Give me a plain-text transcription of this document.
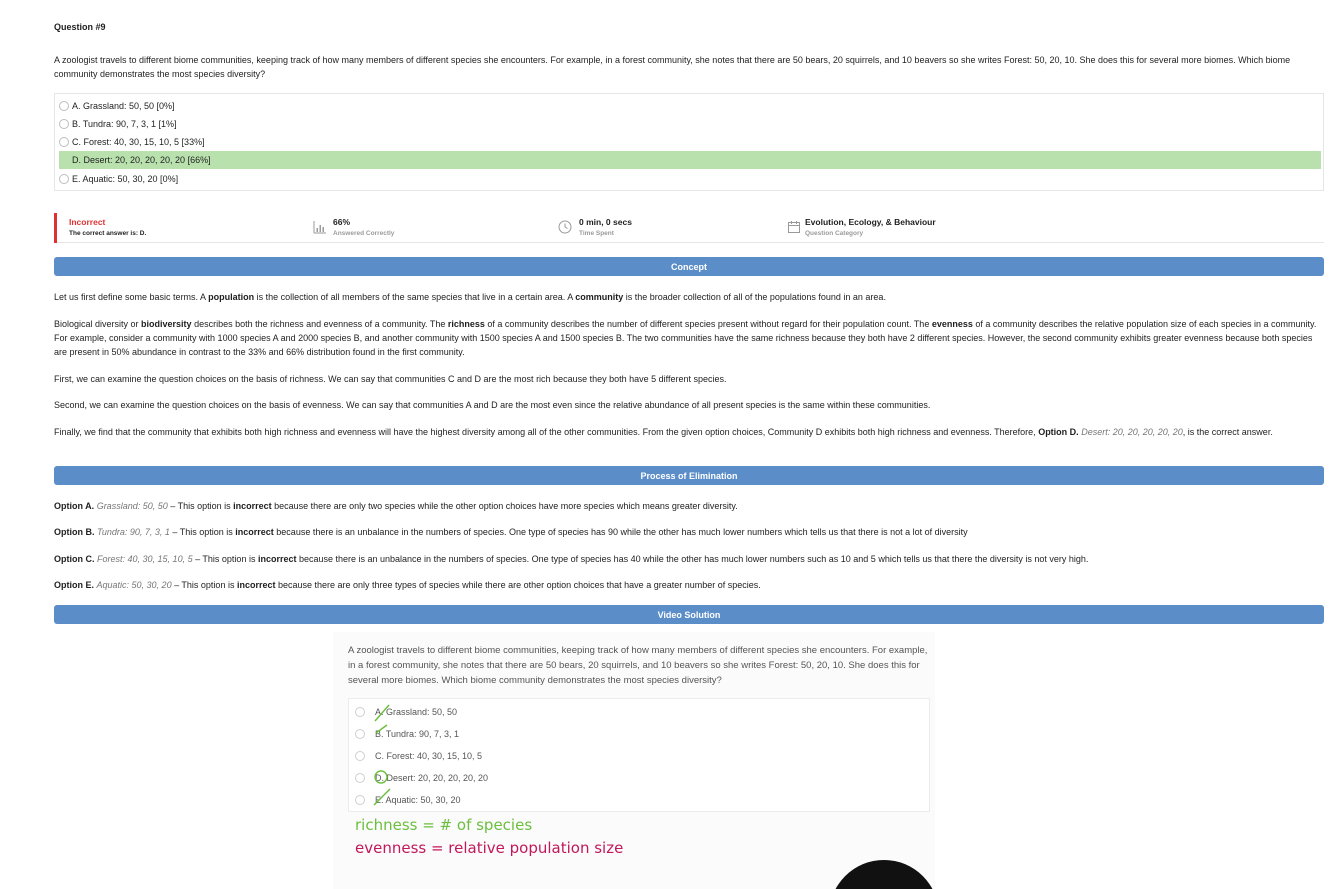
Question #9
A zoologist travels to different biome communities, keeping track of how many members of different species she encounters. For example, in a forest community, she notes that there are 50 bears, 20 squirrels, and 10 beavers so she writes Forest: 50, 20, 10. She does this for several more biomes. Which biome community demonstrates the most species diversity?
A. Grassland: 50, 50 [0%]
B. Tundra: 90, 7, 3, 1 [1%]
C. Forest: 40, 30, 15, 10, 5 [33%]
D. Desert: 20, 20, 20, 20, 20 [66%]
E. Aquatic: 50, 30, 20 [0%]
Incorrect
The correct answer is: D.
66%
Answered Correctly
0 min, 0 secs
Time Spent
Evolution, Ecology, & Behaviour
Question Category
Concept
Let us first define some basic terms. A population is the collection of all members of the same species that live in a certain area. A community is the broader collection of all of the populations found in an area.
Biological diversity or biodiversity describes both the richness and evenness of a community. The richness of a community describes the number of different species present without regard for their population count. The evenness of a community describes the relative population size of each species in a community. For example, consider a community with 1000 species A and 2000 species B, and another community with 1500 species A and 1500 species B. The two communities have the same richness because they both have 2 different species. However, the second community exhibits greater evenness because both species are present in 50% abundance in contrast to the 33% and 66% distribution found in the first community.
First, we can examine the question choices on the basis of richness. We can say that communities C and D are the most rich because they both have 5 different species.
Second, we can examine the question choices on the basis of evenness. We can say that communities A and D are the most even since the relative abundance of all present species is the same within these communities.
Finally, we find that the community that exhibits both high richness and evenness will have the highest diversity among all of the other communities. From the given option choices, Community D exhibits both high richness and evenness. Therefore, Option D. Desert: 20, 20, 20, 20, 20, is the correct answer.
Process of Elimination
Option A. Grassland: 50, 50 – This option is incorrect because there are only two species while the other option choices have more species which means greater diversity.
Option B. Tundra: 90, 7, 3, 1 – This option is incorrect because there is an unbalance in the numbers of species. One type of species has 90 while the other has much lower numbers which tells us that there is not a lot of diversity
Option C. Forest: 40, 30, 15, 10, 5 – This option is incorrect because there is an unbalance in the numbers of species. One type of species has 40 while the other has much lower numbers such as 10 and 5 which tells us that there the diversity is not very high.
Option E. Aquatic: 50, 30, 20 – This option is incorrect because there are only three types of species while there are other option choices that have a greater number of species.
Video Solution
A zoologist travels to different biome communities, keeping track of how many members of different species she encounters. For example, in a forest community, she notes that there are 50 bears, 20 squirrels, and 10 beavers so she writes Forest: 50, 20, 10. She does this for several more biomes. Which biome community demonstrates the most species diversity?
A. Grassland: 50, 50
B. Tundra: 90, 7, 3, 1
C. Forest: 40, 30, 15, 10, 5
D. Desert: 20, 20, 20, 20, 20
E. Aquatic: 50, 30, 20
richness = # of species
evenness = relative population size
